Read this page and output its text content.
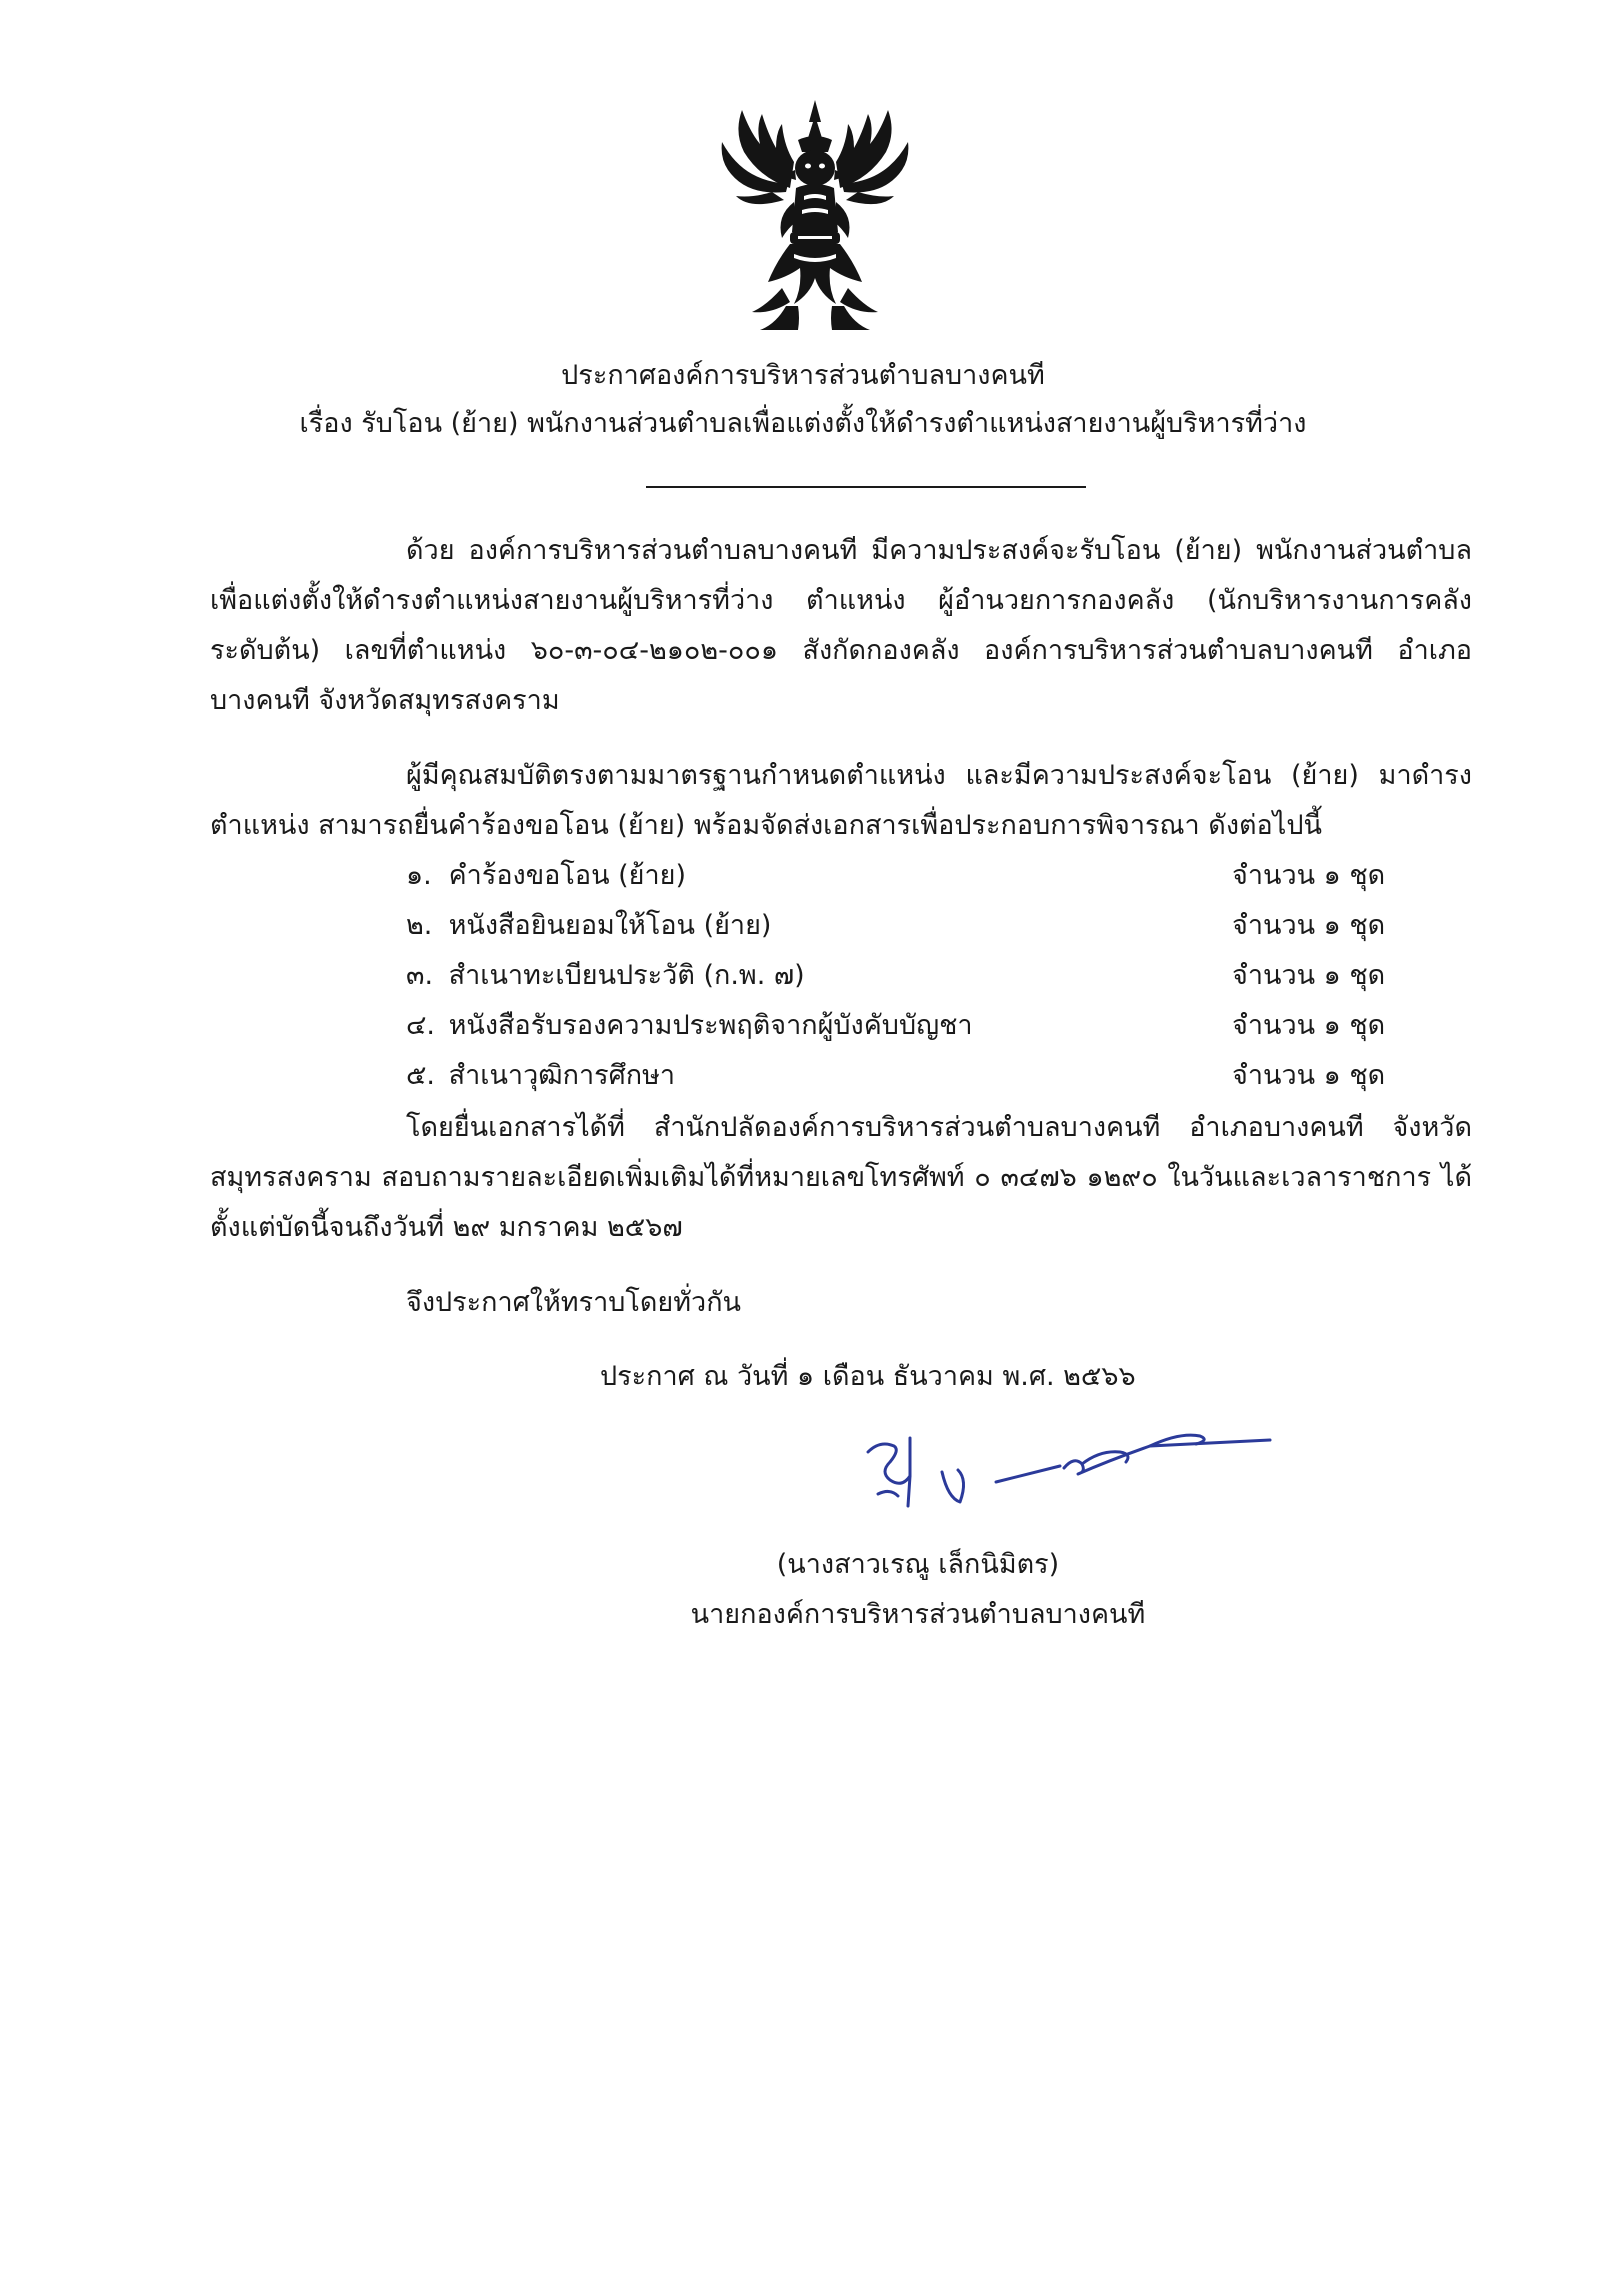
ประกาศองค์การบริหารส่วนตำบลบางคนที
เรื่อง รับโอน (ย้าย) พนักงานส่วนตำบลเพื่อแต่งตั้งให้ดำรงตำแหน่งสายงานผู้บริหารที่ว่าง

ด้วย องค์การบริหารส่วนตำบลบางคนที มีความประสงค์จะรับโอน (ย้าย) พนักงานส่วนตำบลเพื่อแต่งตั้งให้ดำรงตำแหน่งสายงานผู้บริหารที่ว่าง ตำแหน่ง ผู้อำนวยการกองคลัง (นักบริหารงานการคลัง ระดับต้น) เลขที่ตำแหน่ง ๖๐-๓-๐๔-๒๑๐๒-๐๐๑ สังกัดกองคลัง องค์การบริหารส่วนตำบลบางคนที อำเภอบางคนที จังหวัดสมุทรสงคราม

ผู้มีคุณสมบัติตรงตามมาตรฐานกำหนดตำแหน่ง และมีความประสงค์จะโอน (ย้าย) มาดำรงตำแหน่ง สามารถยื่นคำร้องขอโอน (ย้าย) พร้อมจัดส่งเอกสารเพื่อประกอบการพิจารณา ดังต่อไปนี้

๑. คำร้องขอโอน (ย้าย)	จำนวน ๑ ชุด
๒. หนังสือยินยอมให้โอน (ย้าย)	จำนวน ๑ ชุด
๓. สำเนาทะเบียนประวัติ (ก.พ. ๗)	จำนวน ๑ ชุด
๔. หนังสือรับรองความประพฤติจากผู้บังคับบัญชา	จำนวน ๑ ชุด
๕. สำเนาวุฒิการศึกษา	จำนวน ๑ ชุด

โดยยื่นเอกสารได้ที่ สำนักปลัดองค์การบริหารส่วนตำบลบางคนที อำเภอบางคนที จังหวัดสมุทรสงคราม สอบถามรายละเอียดเพิ่มเติมได้ที่หมายเลขโทรศัพท์ ๐ ๓๔๗๖ ๑๒๙๐ ในวันและเวลาราชการ ได้ตั้งแต่บัดนี้จนถึงวันที่ ๒๙ มกราคม ๒๕๖๗

จึงประกาศให้ทราบโดยทั่วกัน
ประกาศ ณ วันที่ ๑ เดือน ธันวาคม พ.ศ. ๒๕๖๖
(นางสาวเรณู เล็กนิมิตร)
นายกองค์การบริหารส่วนตำบลบางคนที
